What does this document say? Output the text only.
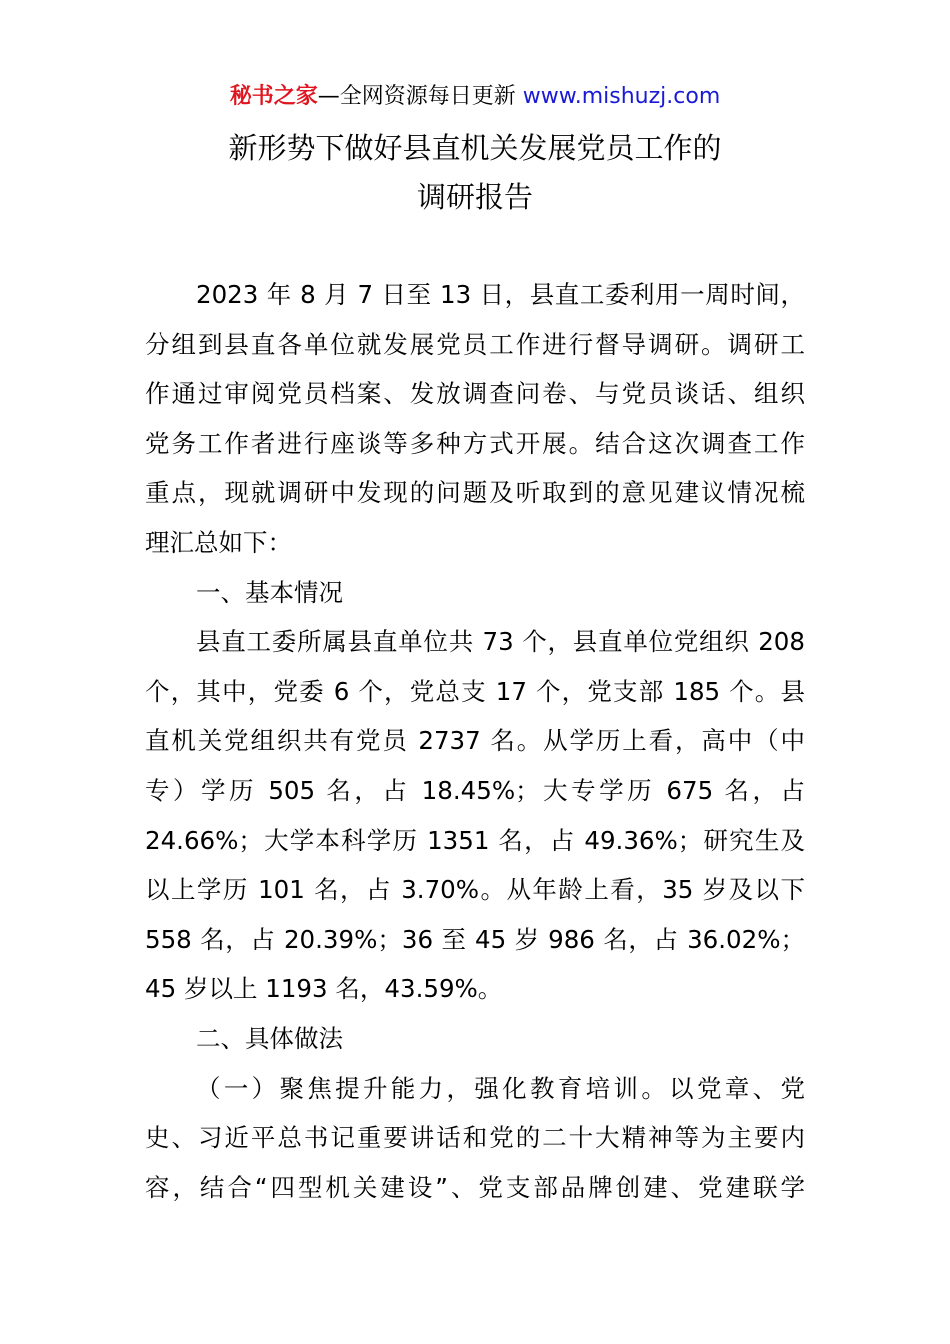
秘书之家—全网资源每日更新 www.mishuzj.com
新形势下做好县直机关发展党员工作的
调研报告
2023 年 8 月 7 日至 13 日，县直工委利用一周时间，
分组到县直各单位就发展党员工作进行督导调研。调研工
作通过审阅党员档案、发放调查问卷、与党员谈话、组织
党务工作者进行座谈等多种方式开展。结合这次调查工作
重点，现就调研中发现的问题及听取到的意见建议情况梳
理汇总如下：
一、基本情况
县直工委所属县直单位共 73 个，县直单位党组织 208
个，其中，党委 6 个，党总支 17 个，党支部 185 个。县
直机关党组织共有党员 2737 名。从学历上看，高中（中
专）学历 505 名，占 18.45%；大专学历 675 名，占
24.66%；大学本科学历 1351 名，占 49.36%；研究生及
以上学历 101 名，占 3.70%。从年龄上看，35 岁及以下
558 名，占 20.39%；36 至 45 岁 986 名，占 36.02%；
45 岁以上 1193 名，43.59%。
二、具体做法
（一）聚焦提升能力，强化教育培训。以党章、党
史、习近平总书记重要讲话和党的二十大精神等为主要内
容，结合“四型机关建设”、党支部品牌创建、党建联学
